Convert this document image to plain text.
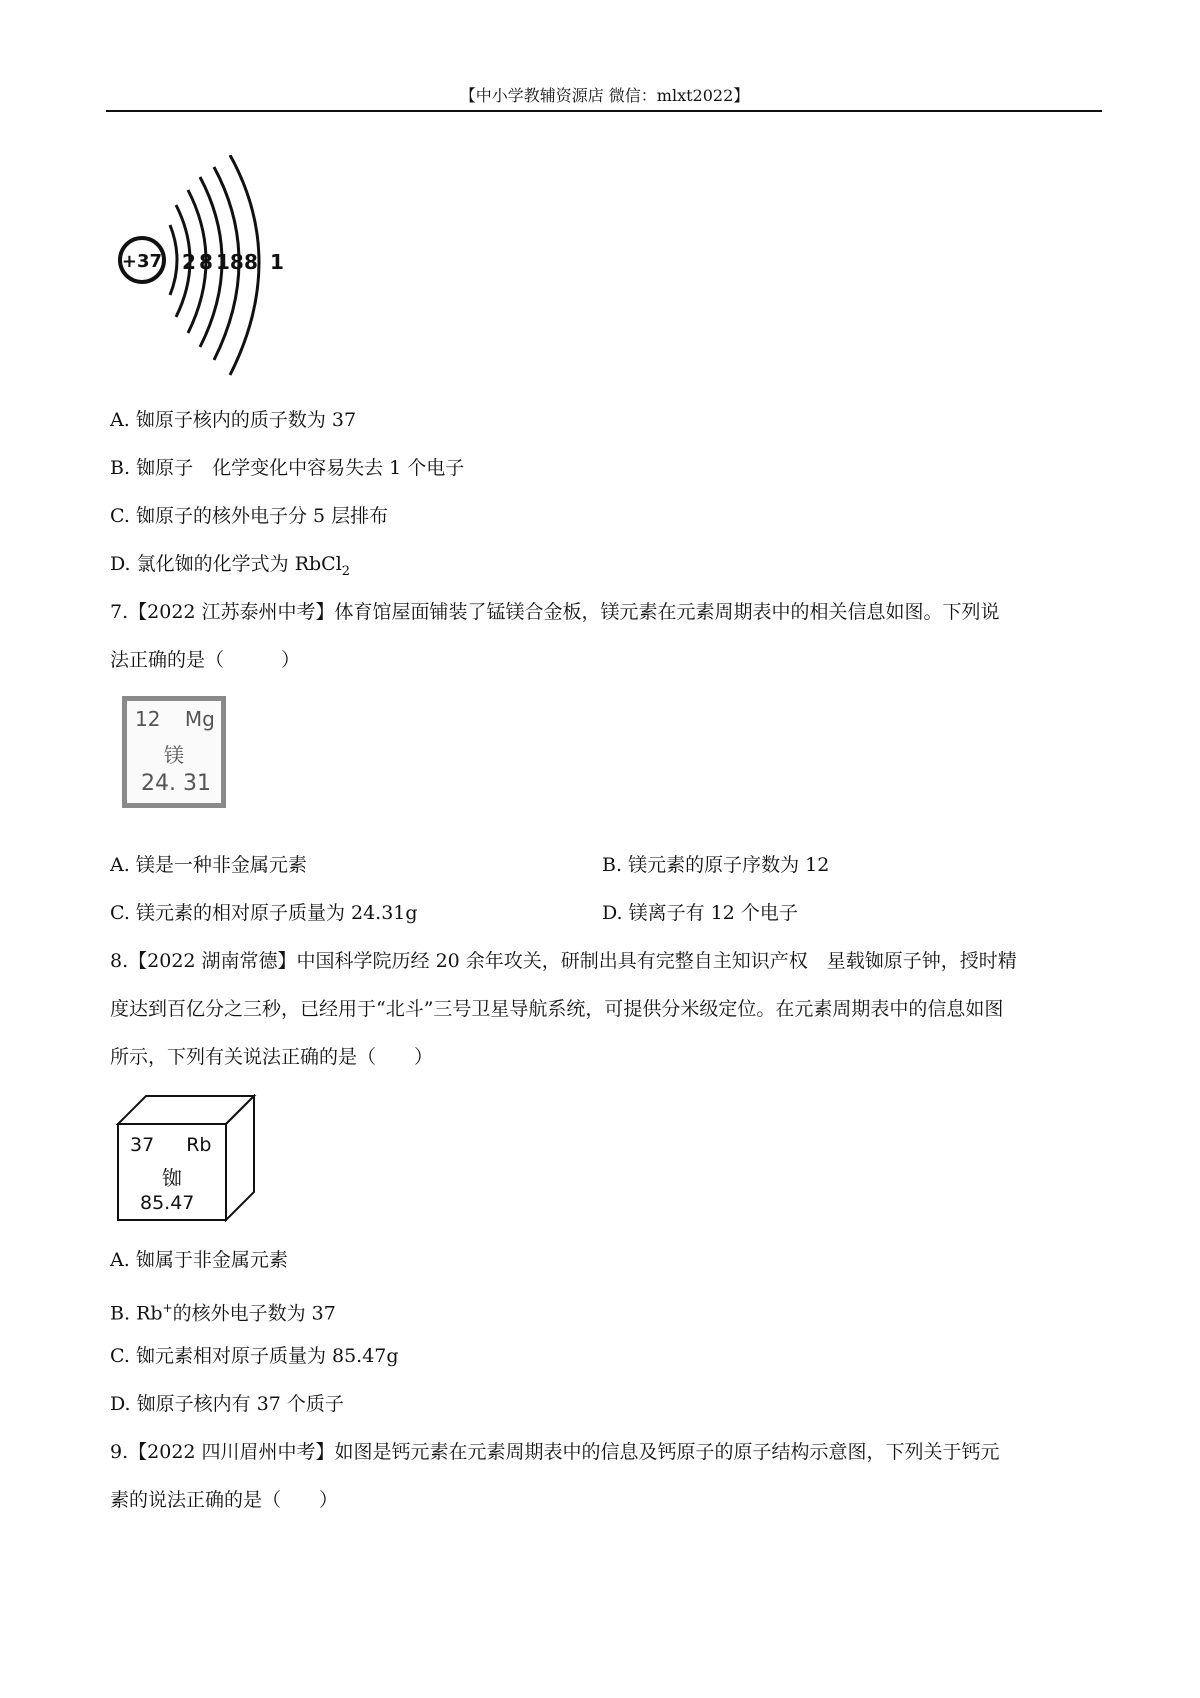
【中小学教辅资源店 微信：mlxt2022】
+37 2 8 18 8 1
A. 铷原子核内的质子数为 37
B. 铷原子　化学变化中容易失去 1 个电子
C. 铷原子的核外电子分 5 层排布
D. 氯化铷的化学式为 RbCl$_2$
7.【2022 江苏泰州中考】体育馆屋面铺装了锰镁合金板，镁元素在元素周期表中的相关信息如图。下列说
法正确的是（　　　）
12 Mg
镁
24. 31
A. 镁是一种非金属元素	B. 镁元素的原子序数为 12
C. 镁元素的相对原子质量为 24.31g	D. 镁离子有 12 个电子
8.【2022 湖南常德】中国科学院历经 20 余年攻关，研制出具有完整自主知识产权　星载铷原子钟，授时精
度达到百亿分之三秒，已经用于“北斗”三号卫星导航系统，可提供分米级定位。在元素周期表中的信息如图
所示，下列有关说法正确的是（　　）
37 Rb
铷
85.47
A. 铷属于非金属元素
B. Rb+的核外电子数为 37
C. 铷元素相对原子质量为 85.47g
D. 铷原子核内有 37 个质子
9.【2022 四川眉州中考】如图是钙元素在元素周期表中的信息及钙原子的原子结构示意图，下列关于钙元
素的说法正确的是（　　）
